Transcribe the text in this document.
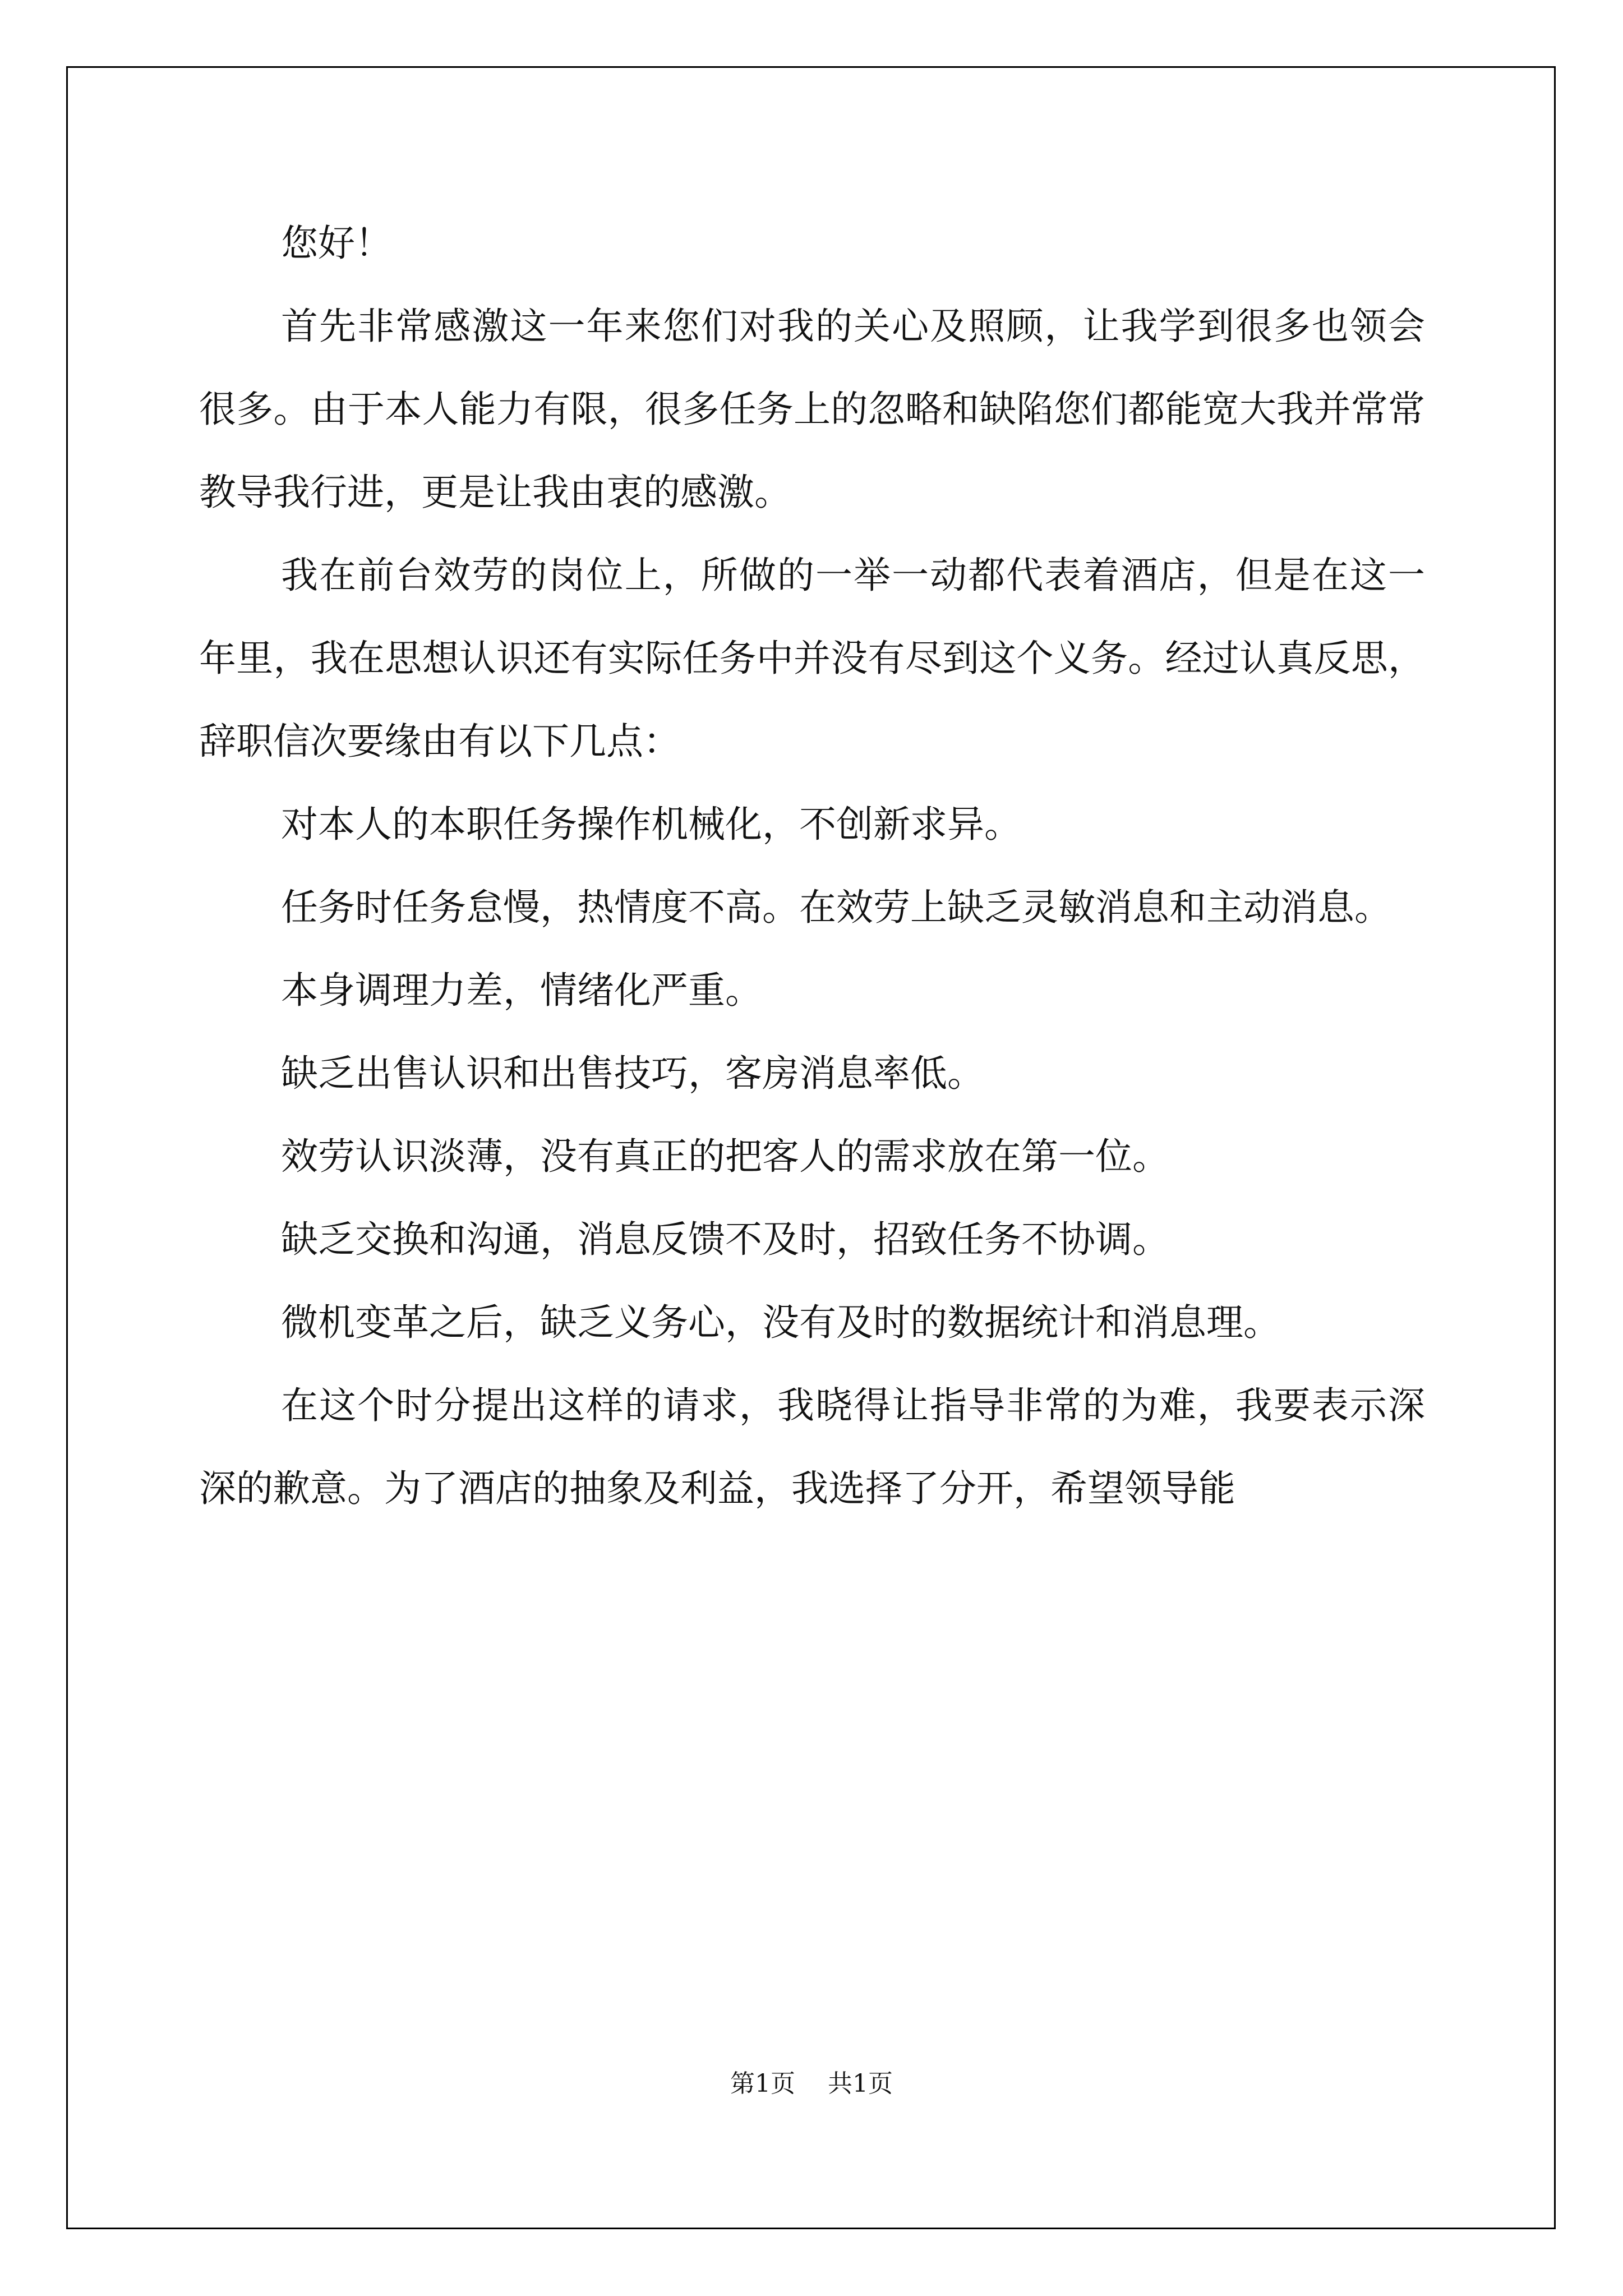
您好！

首先非常感激这一年来您们对我的关心及照顾，让我学到很多也领会很多。由于本人能力有限，很多任务上的忽略和缺陷您们都能宽大我并常常教导我行进，更是让我由衷的感激。

我在前台效劳的岗位上，所做的一举一动都代表着酒店，但是在这一年里，我在思想认识还有实际任务中并没有尽到这个义务。经过认真反思，辞职信次要缘由有以下几点：

对本人的本职任务操作机械化，不创新求异。

任务时任务怠慢，热情度不高。在效劳上缺乏灵敏消息和主动消息。

本身调理力差，情绪化严重。

缺乏出售认识和出售技巧，客房消息率低。

效劳认识淡薄，没有真正的把客人的需求放在第一位。

缺乏交换和沟通，消息反馈不及时，招致任务不协调。

微机变革之后，缺乏义务心，没有及时的数据统计和消息理。

在这个时分提出这样的请求，我晓得让指导非常的为难，我要表示深深的歉意。为了酒店的抽象及利益，我选择了分开，希望领导能

第1页 共1页
